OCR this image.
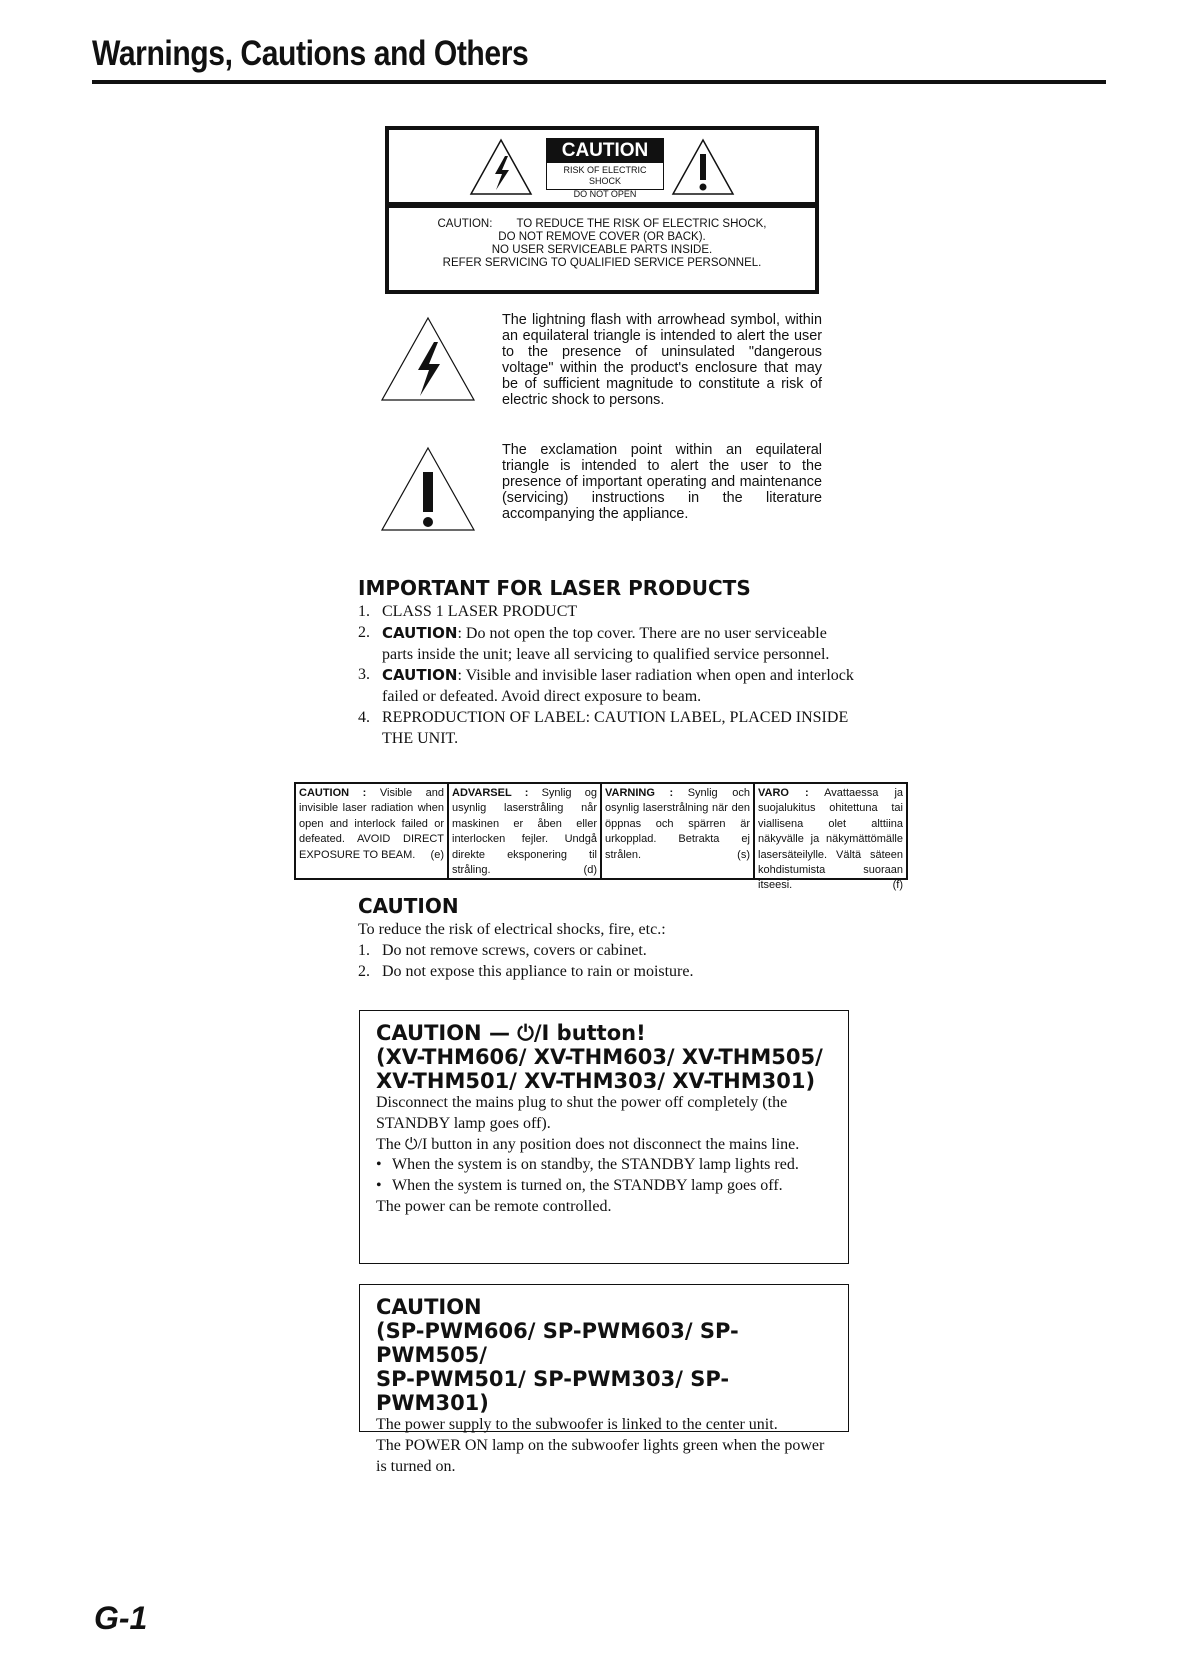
Warnings, Cautions and Others
CAUTION
RISK OF ELECTRIC SHOCK
DO NOT OPEN
CAUTION: TO REDUCE THE RISK OF ELECTRIC SHOCK,
DO NOT REMOVE COVER (OR BACK).
NO USER SERVICEABLE PARTS INSIDE.
REFER SERVICING TO QUALIFIED SERVICE PERSONNEL.
The lightning flash with arrowhead symbol, within an equilateral triangle is intended to alert the user to the presence of uninsulated "dangerous voltage" within the product's enclosure that may be of sufficient magnitude to constitute a risk of electric shock to persons.
The exclamation point within an equilateral triangle is intended to alert the user to the presence of important operating and maintenance (servicing) instructions in the literature accompanying the appliance.
IMPORTANT FOR LASER PRODUCTS
1. CLASS 1 LASER PRODUCT
2. CAUTION: Do not open the top cover. There are no user serviceable parts inside the unit; leave all servicing to qualified service personnel.
3. CAUTION: Visible and invisible laser radiation when open and interlock failed or defeated. Avoid direct exposure to beam.
4. REPRODUCTION OF LABEL: CAUTION LABEL, PLACED INSIDE THE UNIT.
CAUTION : Visible and invisible laser radiation when open and interlock failed or defeated. AVOID DIRECT EXPOSURE TO BEAM. (e)
ADVARSEL : Synlig og usynlig laserstråling når maskinen er åben eller interlocken fejler. Undgå direkte eksponering til stråling.	(d)
VARNING : Synlig och osynlig laserstrålning när den öppnas och spärren är urkopplad. Betrakta ej strålen.	(s)
VARO : Avattaessa ja suojalukitus ohitettuna tai viallisena olet alttiina näkyvälle ja näkymättömälle lasersäteilylle. Vältä säteen kohdistumista suoraan itseesi.	(f)
CAUTION
To reduce the risk of electrical shocks, fire, etc.:
1. Do not remove screws, covers or cabinet.
2. Do not expose this appliance to rain or moisture.
CAUTION — ⏻/I button!
(XV-THM606/ XV-THM603/ XV-THM505/
XV-THM501/ XV-THM303/ XV-THM301)
Disconnect the mains plug to shut the power off completely (the STANDBY lamp goes off).
The ⏻/I button in any position does not disconnect the mains line.
• When the system is on standby, the STANDBY lamp lights red.
• When the system is turned on, the STANDBY lamp goes off.
The power can be remote controlled.
CAUTION
(SP-PWM606/ SP-PWM603/ SP-PWM505/
SP-PWM501/ SP-PWM303/ SP-PWM301)
The power supply to the subwoofer is linked to the center unit.
The POWER ON lamp on the subwoofer lights green when the power is turned on.
G-1
